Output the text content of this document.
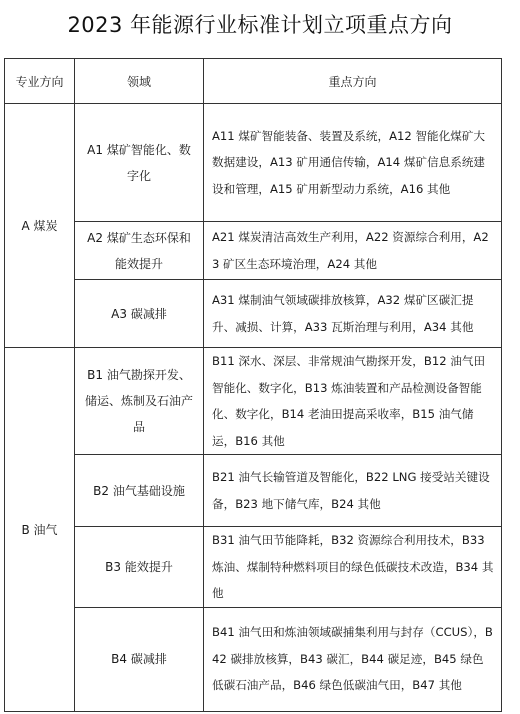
2023 年能源行业标准计划立项重点方向
专业方向	领域	重点方向
A 煤炭	A1 煤矿智能化、数字化	A11 煤矿智能装备、装置及系统，A12 智能化煤矿大数据建设，A13 矿用通信传输，A14 煤矿信息系统建设和管理，A15 矿用新型动力系统，A16 其他
	A2 煤矿生态环保和能效提升	A21 煤炭清洁高效生产利用，A22 资源综合利用，A23 矿区生态环境治理，A24 其他
	A3 碳减排	A31 煤制油气领域碳排放核算，A32 煤矿区碳汇提升、减损、计算，A33 瓦斯治理与利用，A34 其他
B 油气	B1 油气勘探开发、储运、炼制及石油产品	B11 深水、深层、非常规油气勘探开发，B12 油气田智能化、数字化，B13 炼油装置和产品检测设备智能化、数字化，B14 老油田提高采收率，B15 油气储运，B16 其他
	B2 油气基础设施	B21 油气长输管道及智能化，B22 LNG 接受站关键设备，B23 地下储气库，B24 其他
	B3 能效提升	B31 油气田节能降耗，B32 资源综合利用技术，B33 炼油、煤制特种燃料项目的绿色低碳技术改造，B34 其他
	B4 碳减排	B41 油气田和炼油领域碳捕集利用与封存（CCUS），B42 碳排放核算，B43 碳汇，B44 碳足迹，B45 绿色低碳石油产品，B46 绿色低碳油气田，B47 其他
